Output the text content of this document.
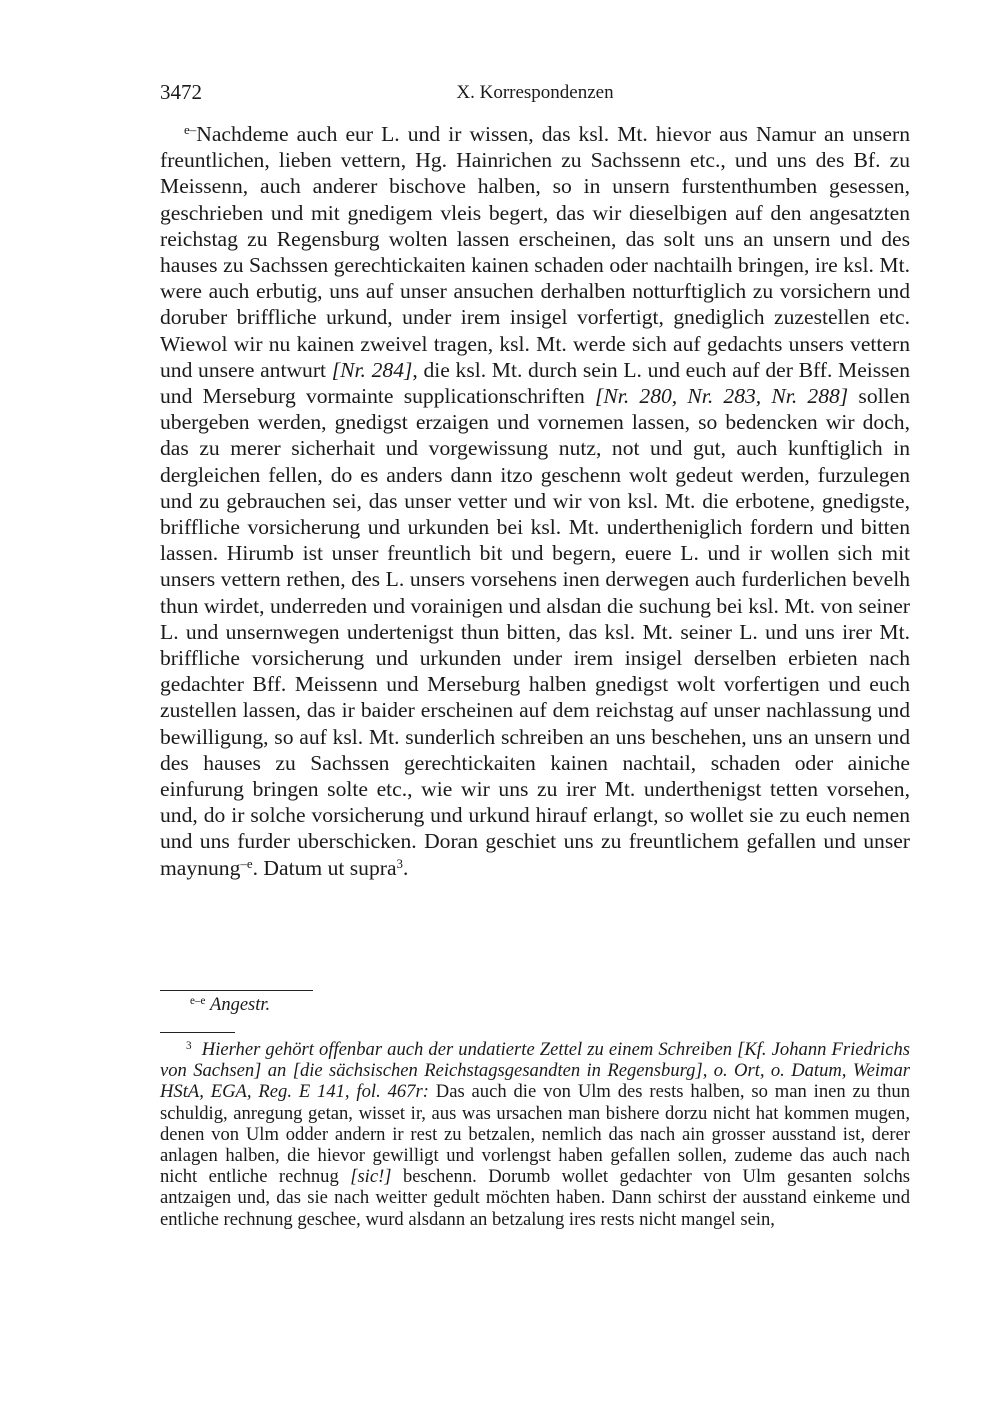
3472	X. Korrespondenzen

$^{e-}$Nachdeme auch eur L. und ir wissen, das ksl. Mt. hievor aus Namur an unsern freuntlichen, lieben vettern, Hg. Hainrichen zu Sachssenn etc., und uns des Bf. zu Meissenn, auch anderer bischove halben, so in unsern furstenthumben gesessen, geschrieben und mit gnedigem vleis begert, das wir dieselbigen auf den angesatzten reichstag zu Regensburg wolten lassen erscheinen, das solt uns an unsern und des hauses zu Sachssen gerechtickaiten kainen schaden oder nachtailh bringen, ire ksl. Mt. were auch erbutig, uns auf unser ansuchen derhalben notturftiglich zu vorsichern und doruber briffliche urkund, under irem insigel vorfertigt, gnediglich zuzestellen etc. Wiewol wir nu kainen zweivel tragen, ksl. Mt. werde sich auf gedachts unsers vettern und unsere antwurt [Nr. 284], die ksl. Mt. durch sein L. und euch auf der Bff. Meissen und Merseburg vormainte supplicationschriften [Nr. 280, Nr. 283, Nr. 288] sollen ubergeben werden, gnedigst erzaigen und vornemen lassen, so bedencken wir doch, das zu merer sicherhait und vorgewissung nutz, not und gut, auch kunftiglich in dergleichen fellen, do es anders dann itzo geschenn wolt gedeut werden, furzulegen und zu gebrauchen sei, das unser vetter und wir von ksl. Mt. die erbotene, gnedigste, briffliche vorsicherung und urkunden bei ksl. Mt. undertheniglich fordern und bitten lassen. Hirumb ist unser freuntlich bit und begern, euere L. und ir wollen sich mit unsers vettern rethen, des L. unsers vorsehens inen derwegen auch furderlichen bevelh thun wirdet, underreden und vorainigen und alsdan die suchung bei ksl. Mt. von seiner L. und unsernwegen undertenigst thun bitten, das ksl. Mt. seiner L. und uns irer Mt. briffliche vorsicherung und urkunden under irem insigel derselben erbieten nach gedachter Bff. Meissenn und Merseburg halben gnedigst wolt vorfertigen und euch zustellen lassen, das ir baider erscheinen auf dem reichstag auf unser nachlassung und bewilligung, so auf ksl. Mt. sunderlich schreiben an uns beschehen, uns an unsern und des hauses zu Sachssen gerechtickaiten kainen nachtail, schaden oder ainiche einfurung bringen solte etc., wie wir uns zu irer Mt. underthenigst tetten vorsehen, und, do ir solche vorsicherung und urkund hirauf erlangt, so wollet sie zu euch nemen und uns furder uberschicken. Doran geschiet uns zu freuntlichem gefallen und unser maynung$^{-e}$. Datum ut supra$^3$.

$^{e-e}$ Angestr.
$^3$ Hierher gehört offenbar auch der undatierte Zettel zu einem Schreiben [Kf. Johann Friedrichs von Sachsen] an [die sächsischen Reichstagsgesandten in Regensburg], o. Ort, o. Datum, Weimar HStA, EGA, Reg. E 141, fol. 467r: Das auch die von Ulm des rests halben, so man inen zu thun schuldig, anregung getan, wisset ir, aus was ursachen man bishere dorzu nicht hat kommen mugen, denen von Ulm odder andern ir rest zu betzalen, nemlich das nach ain grosser ausstand ist, derer anlagen halben, die hievor gewilligt und vorlengst haben gefallen sollen, zudeme das auch nach nicht entliche rechnug [sic!] beschenn. Dorumb wollet gedachter von Ulm gesanten solchs antzaigen und, das sie nach weitter gedult möchten haben. Dann schirst der ausstand einkeme und entliche rechnung geschee, wurd alsdann an betzalung ires rests nicht mangel sein,
